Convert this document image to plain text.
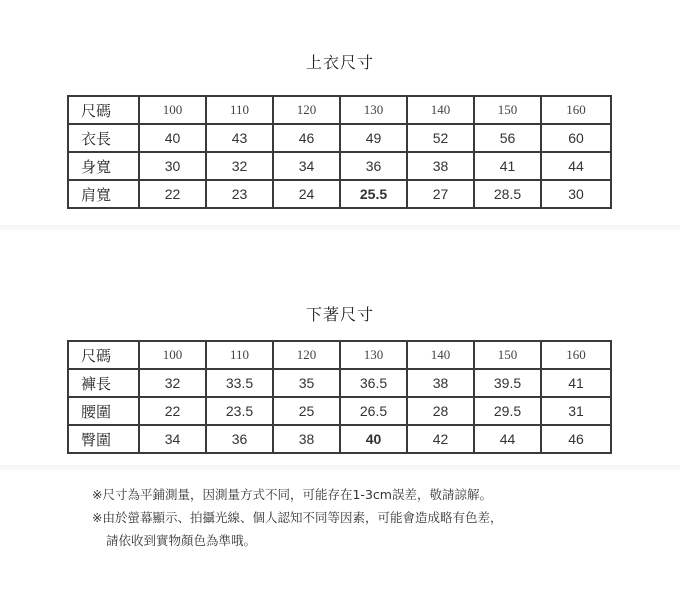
上衣尺寸
尺碼	100	110	120	130	140	150	160
衣長	40	43	46	49	52	56	60
身寬	30	32	34	36	38	41	44
肩寬	22	23	24	25.5	27	28.5	30
下著尺寸
尺碼	100	110	120	130	140	150	160
褲長	32	33.5	35	36.5	38	39.5	41
腰圍	22	23.5	25	26.5	28	29.5	31
臀圍	34	36	38	40	42	44	46
※尺寸為平鋪測量，因測量方式不同，可能存在1-3cm誤差，敬請諒解。
※由於螢幕顯示、拍攝光線、個人認知不同等因素，可能會造成略有色差，
請依收到實物顏色為準哦。
